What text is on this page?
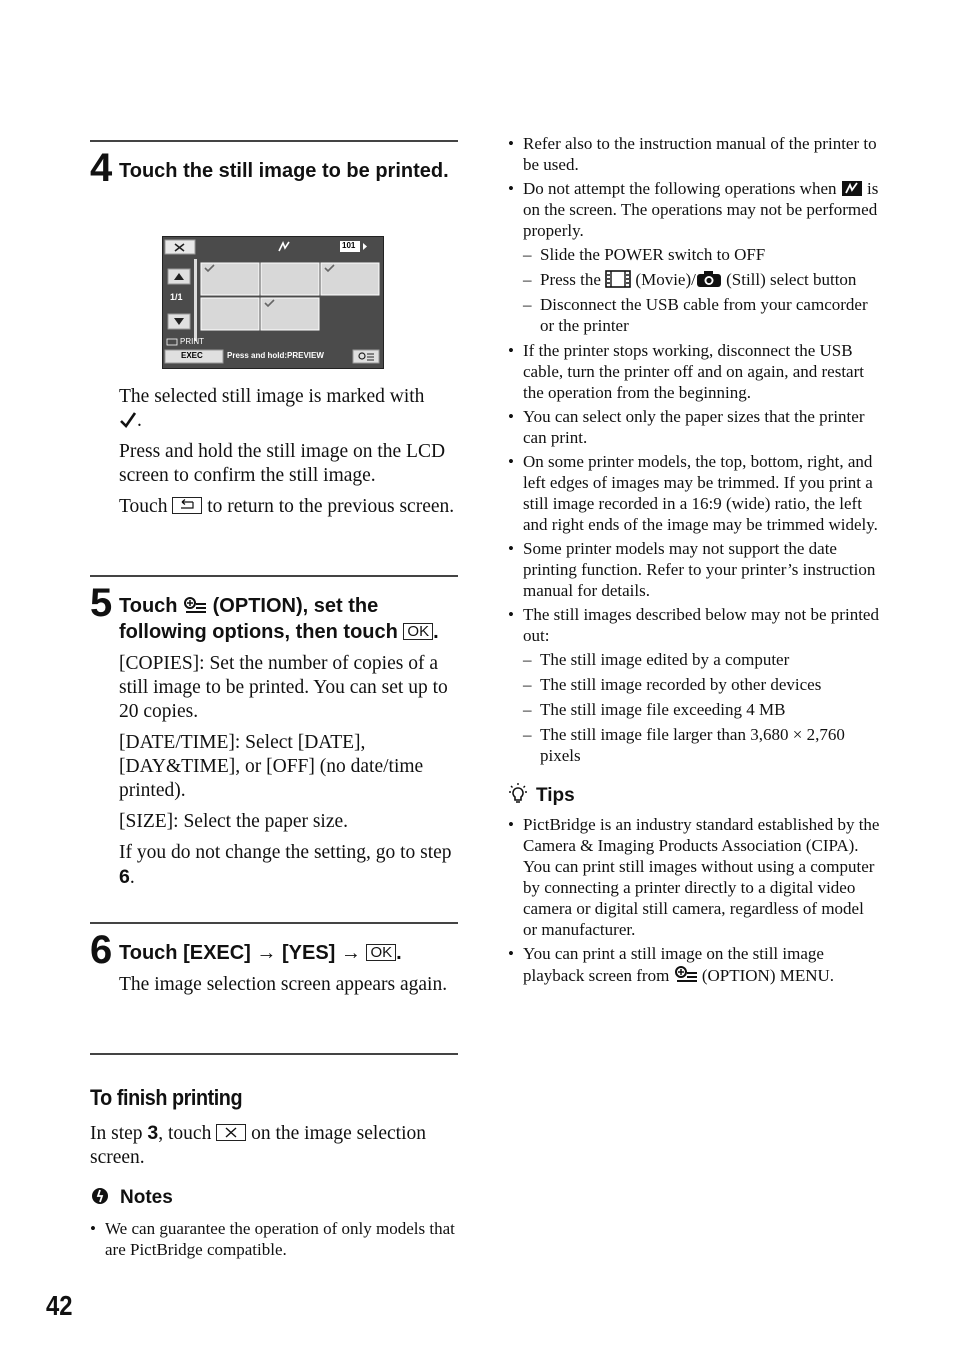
4 Touch the still image to be printed.
1/1
101
PRINT
EXEC	Press and hold:PREVIEW

The selected still image is marked with
.

Press and hold the still image on the LCD screen to confirm the still image.

Touch to return to the previous screen.

5 Touch (OPTION), set the following options, then touch OK .

[COPIES]: Set the number of copies of a still image to be printed. You can set up to 20 copies.

[DATE/TIME]: Select [DATE], [DAY&TIME], or [OFF] (no date/time printed).

[SIZE]: Select the paper size.

If you do not change the setting, go to step 6.

6 Touch [EXEC] → [YES] → OK .

The image selection screen appears again.

To finish printing
In step 3, touch on the image selection screen.
Notes
• We can guarantee the operation of only models that are PictBridge compatible.
• Refer also to the instruction manual of the printer to be used.
• Do not attempt the following operations when is on the screen. The operations may not be performed properly.
– Slide the POWER switch to OFF
– Press the (Movie)/ (Still) select button
– Disconnect the USB cable from your camcorder or the printer
• If the printer stops working, disconnect the USB cable, turn the printer off and on again, and restart the operation from the beginning.
• You can select only the paper sizes that the printer can print.
• On some printer models, the top, bottom, right, and left edges of images may be trimmed. If you print a still image recorded in a 16:9 (wide) ratio, the left and right ends of the image may be trimmed widely.
• Some printer models may not support the date printing function. Refer to your printer’s instruction manual for details.
• The still images described below may not be printed out:
– The still image edited by a computer
– The still image recorded by other devices
– The still image file exceeding 4 MB
– The still image file larger than 3,680 × 2,760 pixels
Tips
• PictBridge is an industry standard established by the Camera & Imaging Products Association (CIPA). You can print still images without using a computer by connecting a printer directly to a digital video camera or digital still camera, regardless of model or manufacturer.
• You can print a still image on the still image playback screen from (OPTION) MENU.
42
